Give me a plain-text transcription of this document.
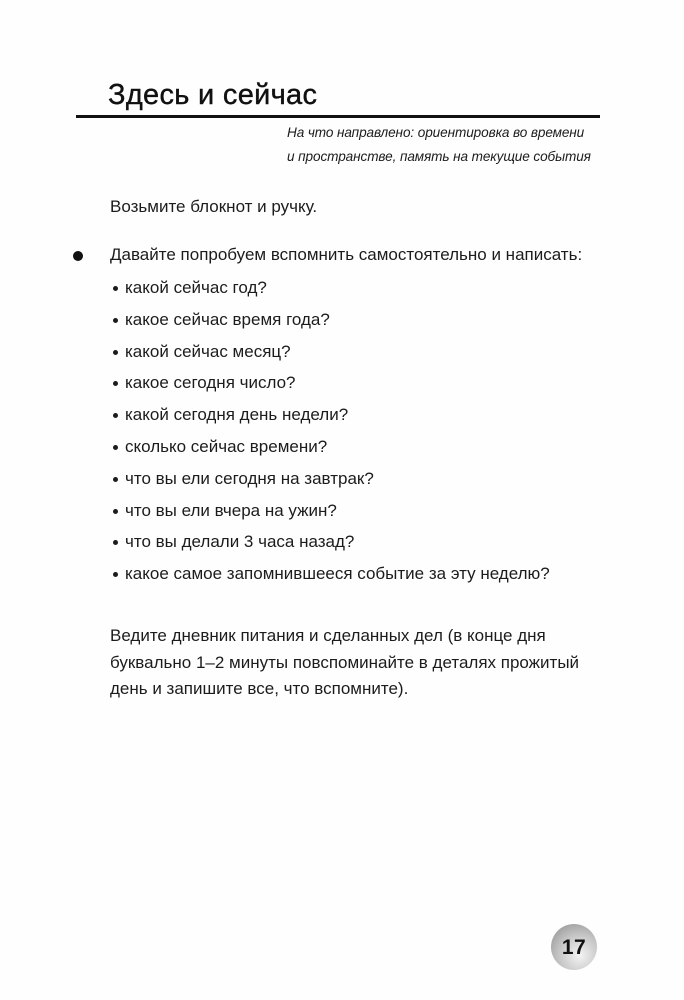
Здесь и сейчас
На что направлено: ориентировка во времени
и пространстве, память на текущие события

Возьмите блокнот и ручку.

Давайте попробуем вспомнить самостоятельно и написать:

какой сейчас год?
какое сейчас время года?
какой сейчас месяц?
какое сегодня число?
какой сегодня день недели?
сколько сейчас времени?
что вы ели сегодня на завтрак?
что вы ели вчера на ужин?
что вы делали 3 часа назад?
какое самое запомнившееся событие за эту неделю?
Ведите дневник питания и сделанных дел (в конце дня
буквально 1–2 минуты повспоминайте в деталях прожитый
день и запишите все, что вспомните).
17
